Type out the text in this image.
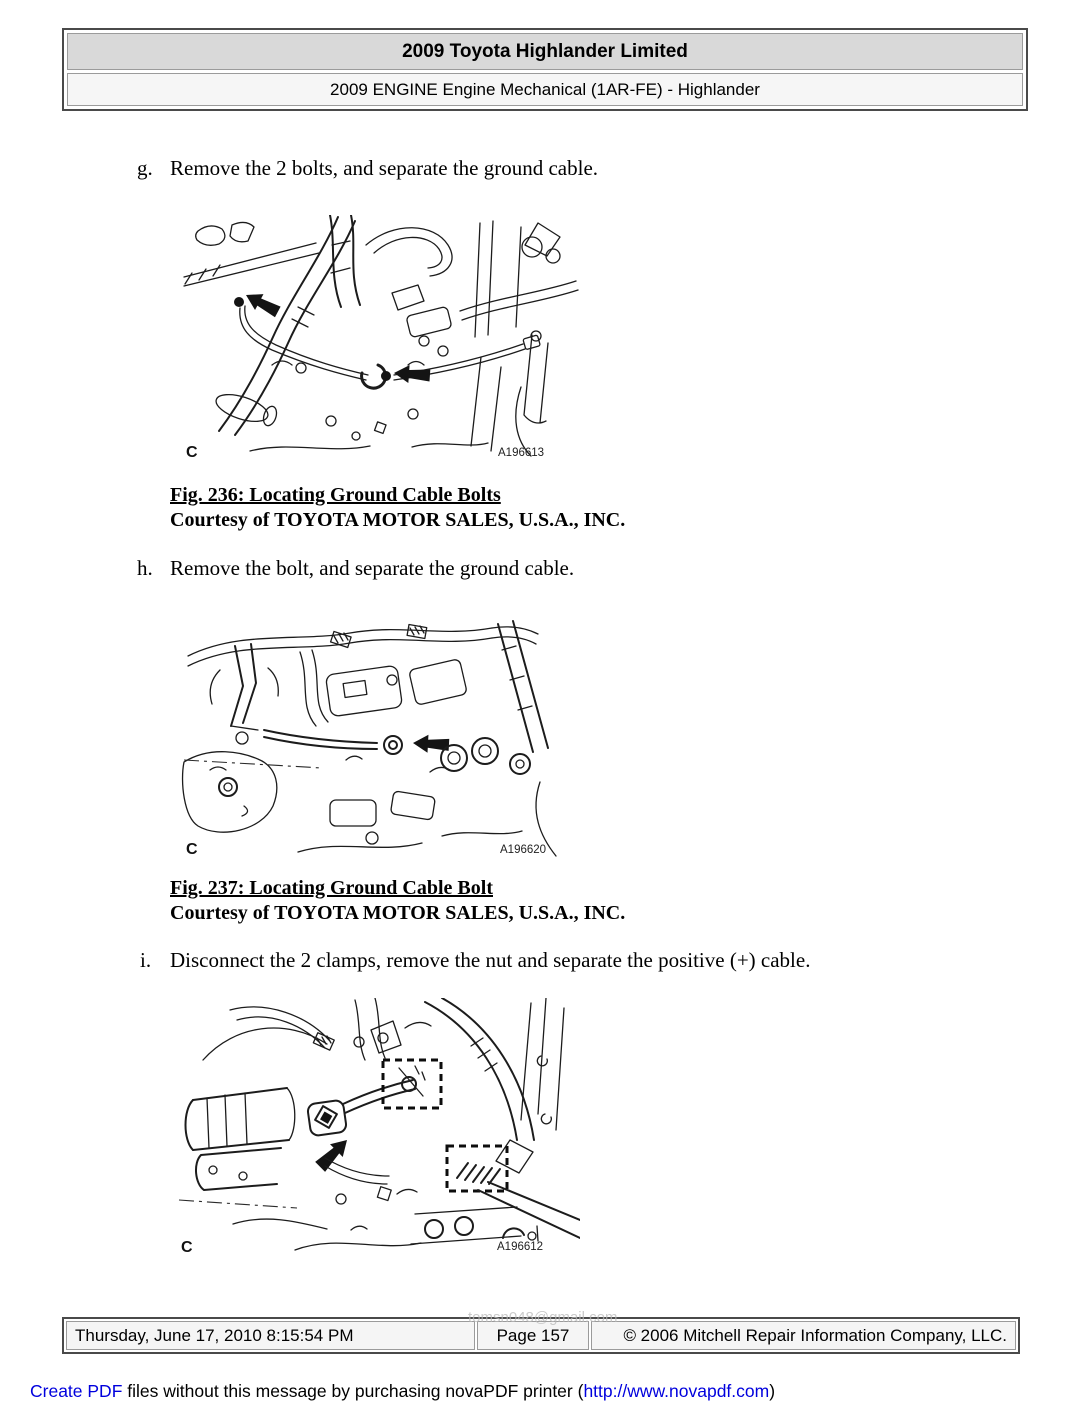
2009 Toyota Highlander Limited
2009 ENGINE Engine Mechanical (1AR-FE) - Highlander
g. Remove the 2 bolts, and separate the ground cable.
C	A196613
Fig. 236: Locating Ground Cable Bolts
Courtesy of TOYOTA MOTOR SALES, U.S.A., INC.
h. Remove the bolt, and separate the ground cable.
C	A196620
Fig. 237: Locating Ground Cable Bolt
Courtesy of TOYOTA MOTOR SALES, U.S.A., INC.
i. Disconnect the 2 clamps, remove the nut and separate the positive (+) cable.
C	A196612
tomsn048@gmail.com
Thursday, June 17, 2010 8:15:54 PM	Page 157	© 2006 Mitchell Repair Information Company, LLC.
Create PDF files without this message by purchasing novaPDF printer (http://www.novapdf.com)
